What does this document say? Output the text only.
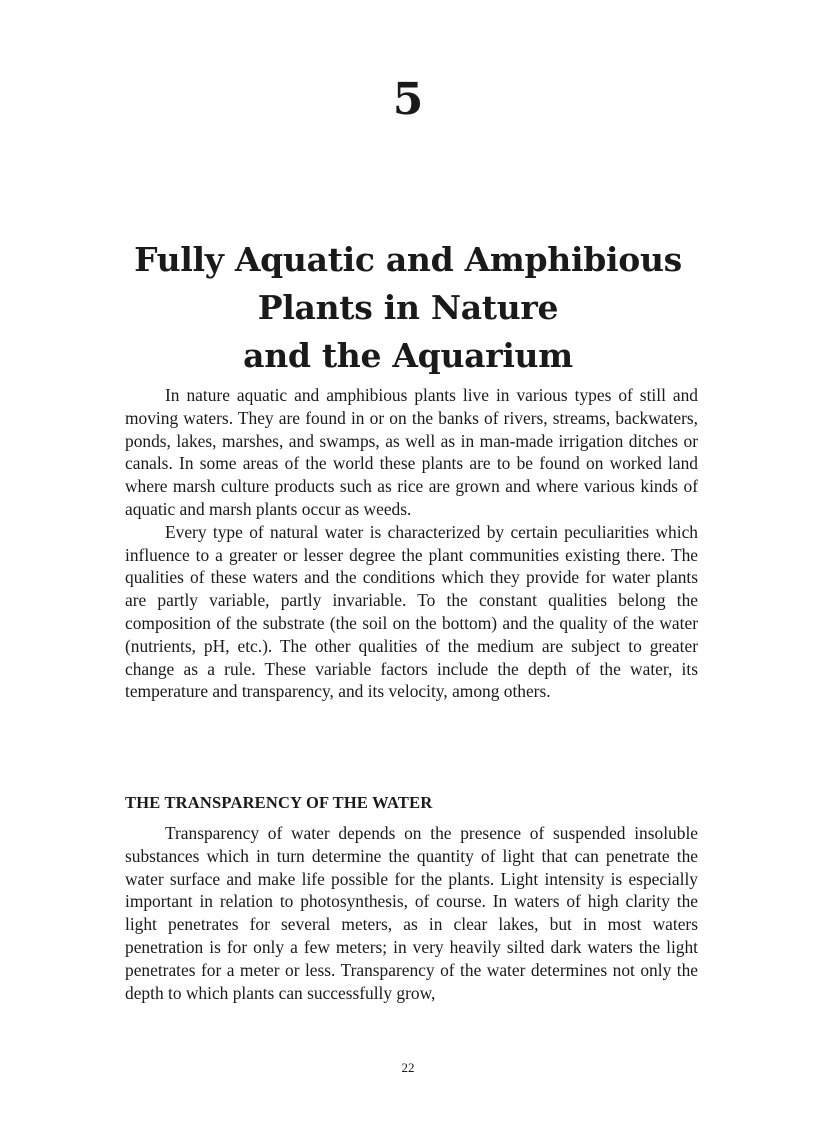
5
Fully Aquatic and Amphibious
Plants in Nature
and the Aquarium

In nature aquatic and amphibious plants live in various types of still and moving waters. They are found in or on the banks of rivers, streams, backwaters, ponds, lakes, marshes, and swamps, as well as in man-made irrigation ditches or canals. In some areas of the world these plants are to be found on worked land where marsh culture products such as rice are grown and where various kinds of aquatic and marsh plants occur as weeds.

Every type of natural water is characterized by certain peculiarities which influence to a greater or lesser degree the plant communities existing there. The qualities of these waters and the conditions which they provide for water plants are partly variable, partly invariable. To the constant qualities belong the composition of the substrate (the soil on the bottom) and the quality of the water (nutrients, pH, etc.). The other qualities of the medium are subject to greater change as a rule. These variable factors include the depth of the water, its temperature and transparency, and its velocity, among others.

THE TRANSPARENCY OF THE WATER

Transparency of water depends on the presence of suspended insoluble substances which in turn determine the quantity of light that can penetrate the water surface and make life possible for the plants. Light intensity is especially important in relation to photosynthesis, of course. In waters of high clarity the light penetrates for several meters, as in clear lakes, but in most waters penetration is for only a few meters; in very heavily silted dark waters the light penetrates for a meter or less. Transparency of the water determines not only the depth to which plants can successfully grow,

22
